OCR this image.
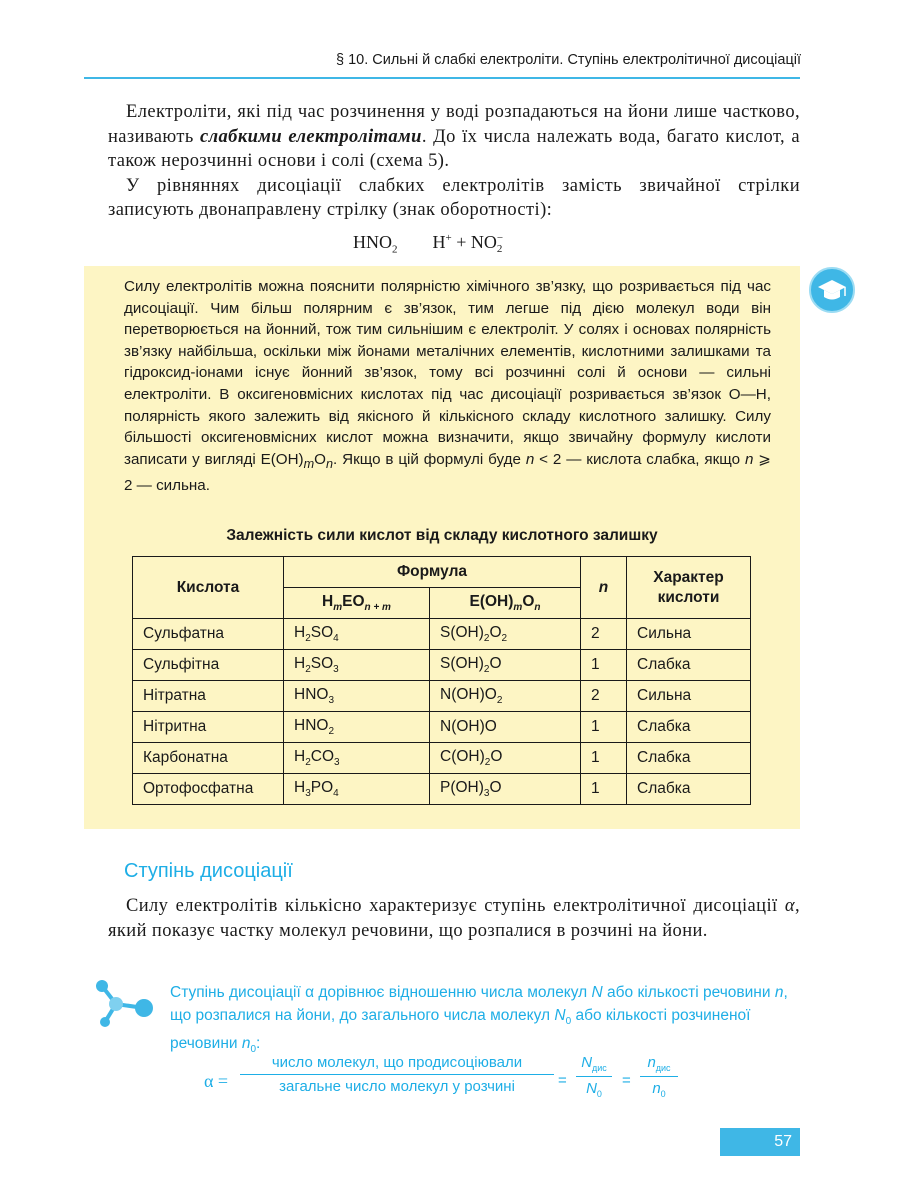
§ 10. Сильні й слабкі електроліти. Ступінь електролітичної дисоціації

Електроліти, які під час розчинення у воді розпадаються на йони лише частково, називають слабкими електролітами. До їх числа належать вода, багато кислот, а також нерозчинні основи і солі (схема 5).

У рівняннях дисоціації слабких електролітів замість звичайної стрілки записують двонаправлену стрілку (знак оборотності):

$HNO_2$ H+ + NO −
2

Силу електролітів можна пояснити полярністю хімічного зв’язку, що розривається під час дисоціації. Чим більш полярним є зв’язок, тим легше під дією молекул води він перетворюється на йонний, тож тим сильнішим є електроліт. У солях і основах полярність зв’язку найбільша, оскільки між йонами металічних елементів, кислотними залишками та гідроксид-іонами існує йонний зв’язок, тому всі розчинні солі й основи — сильні електроліти. В оксигеновмісних кислотах під час дисоціації розривається зв’язок О—Н, полярність якого залежить від якісного й кількісного складу кислотного залишку. Силу більшості оксигеновмісних кислот можна визначити, якщо звичайну формулу кислоти записати у вигляді $Е(ОН)_mО_n$. Якщо в цій формулі буде n < 2 — кислота слабка, якщо n ⩾ 2 — сильна.

Залежність сили кислот від складу кислотного залишку
Кислота	Формула		n	Характер кислоти
	$H_mEO_{n + m}$	$E(OH)_mO_n$
Сульфатна	$H_2SO_4$	$S(OH)_2O_2$	2	Сильна
Сульфітна	$H_2SO_3$	$S(OH)_2O$	1	Слабка
Нітратна	$HNO_3$	$N(OH)O_2$	2	Сильна
Нітритна	$HNO_2$	N(OH)O	1	Слабка
Карбонатна	$H_2CO_3$	$C(OH)_2O$	1	Слабка
Ортофосфатна	$H_3PO_4$	$P(OH)_3O$	1	Слабка
Ступінь дисоціації

Силу електролітів кількісно характеризує ступінь електролітичної дисоціації α, який показує частку молекул речовини, що розпалися в розчині на йони.

Ступінь дисоціації α дорівнює відношенню числа молекул N або кількості речовини n, що розпалися на йони, до загального числа молекул $N_0$ або кількості розчиненої речовини $n_0$:
α =
число молекул, що продисоціювали
загальне число молекул у розчині	=
$N_{дис}$
$N_0$
=
$n_{дис}$
$n_0$
57
